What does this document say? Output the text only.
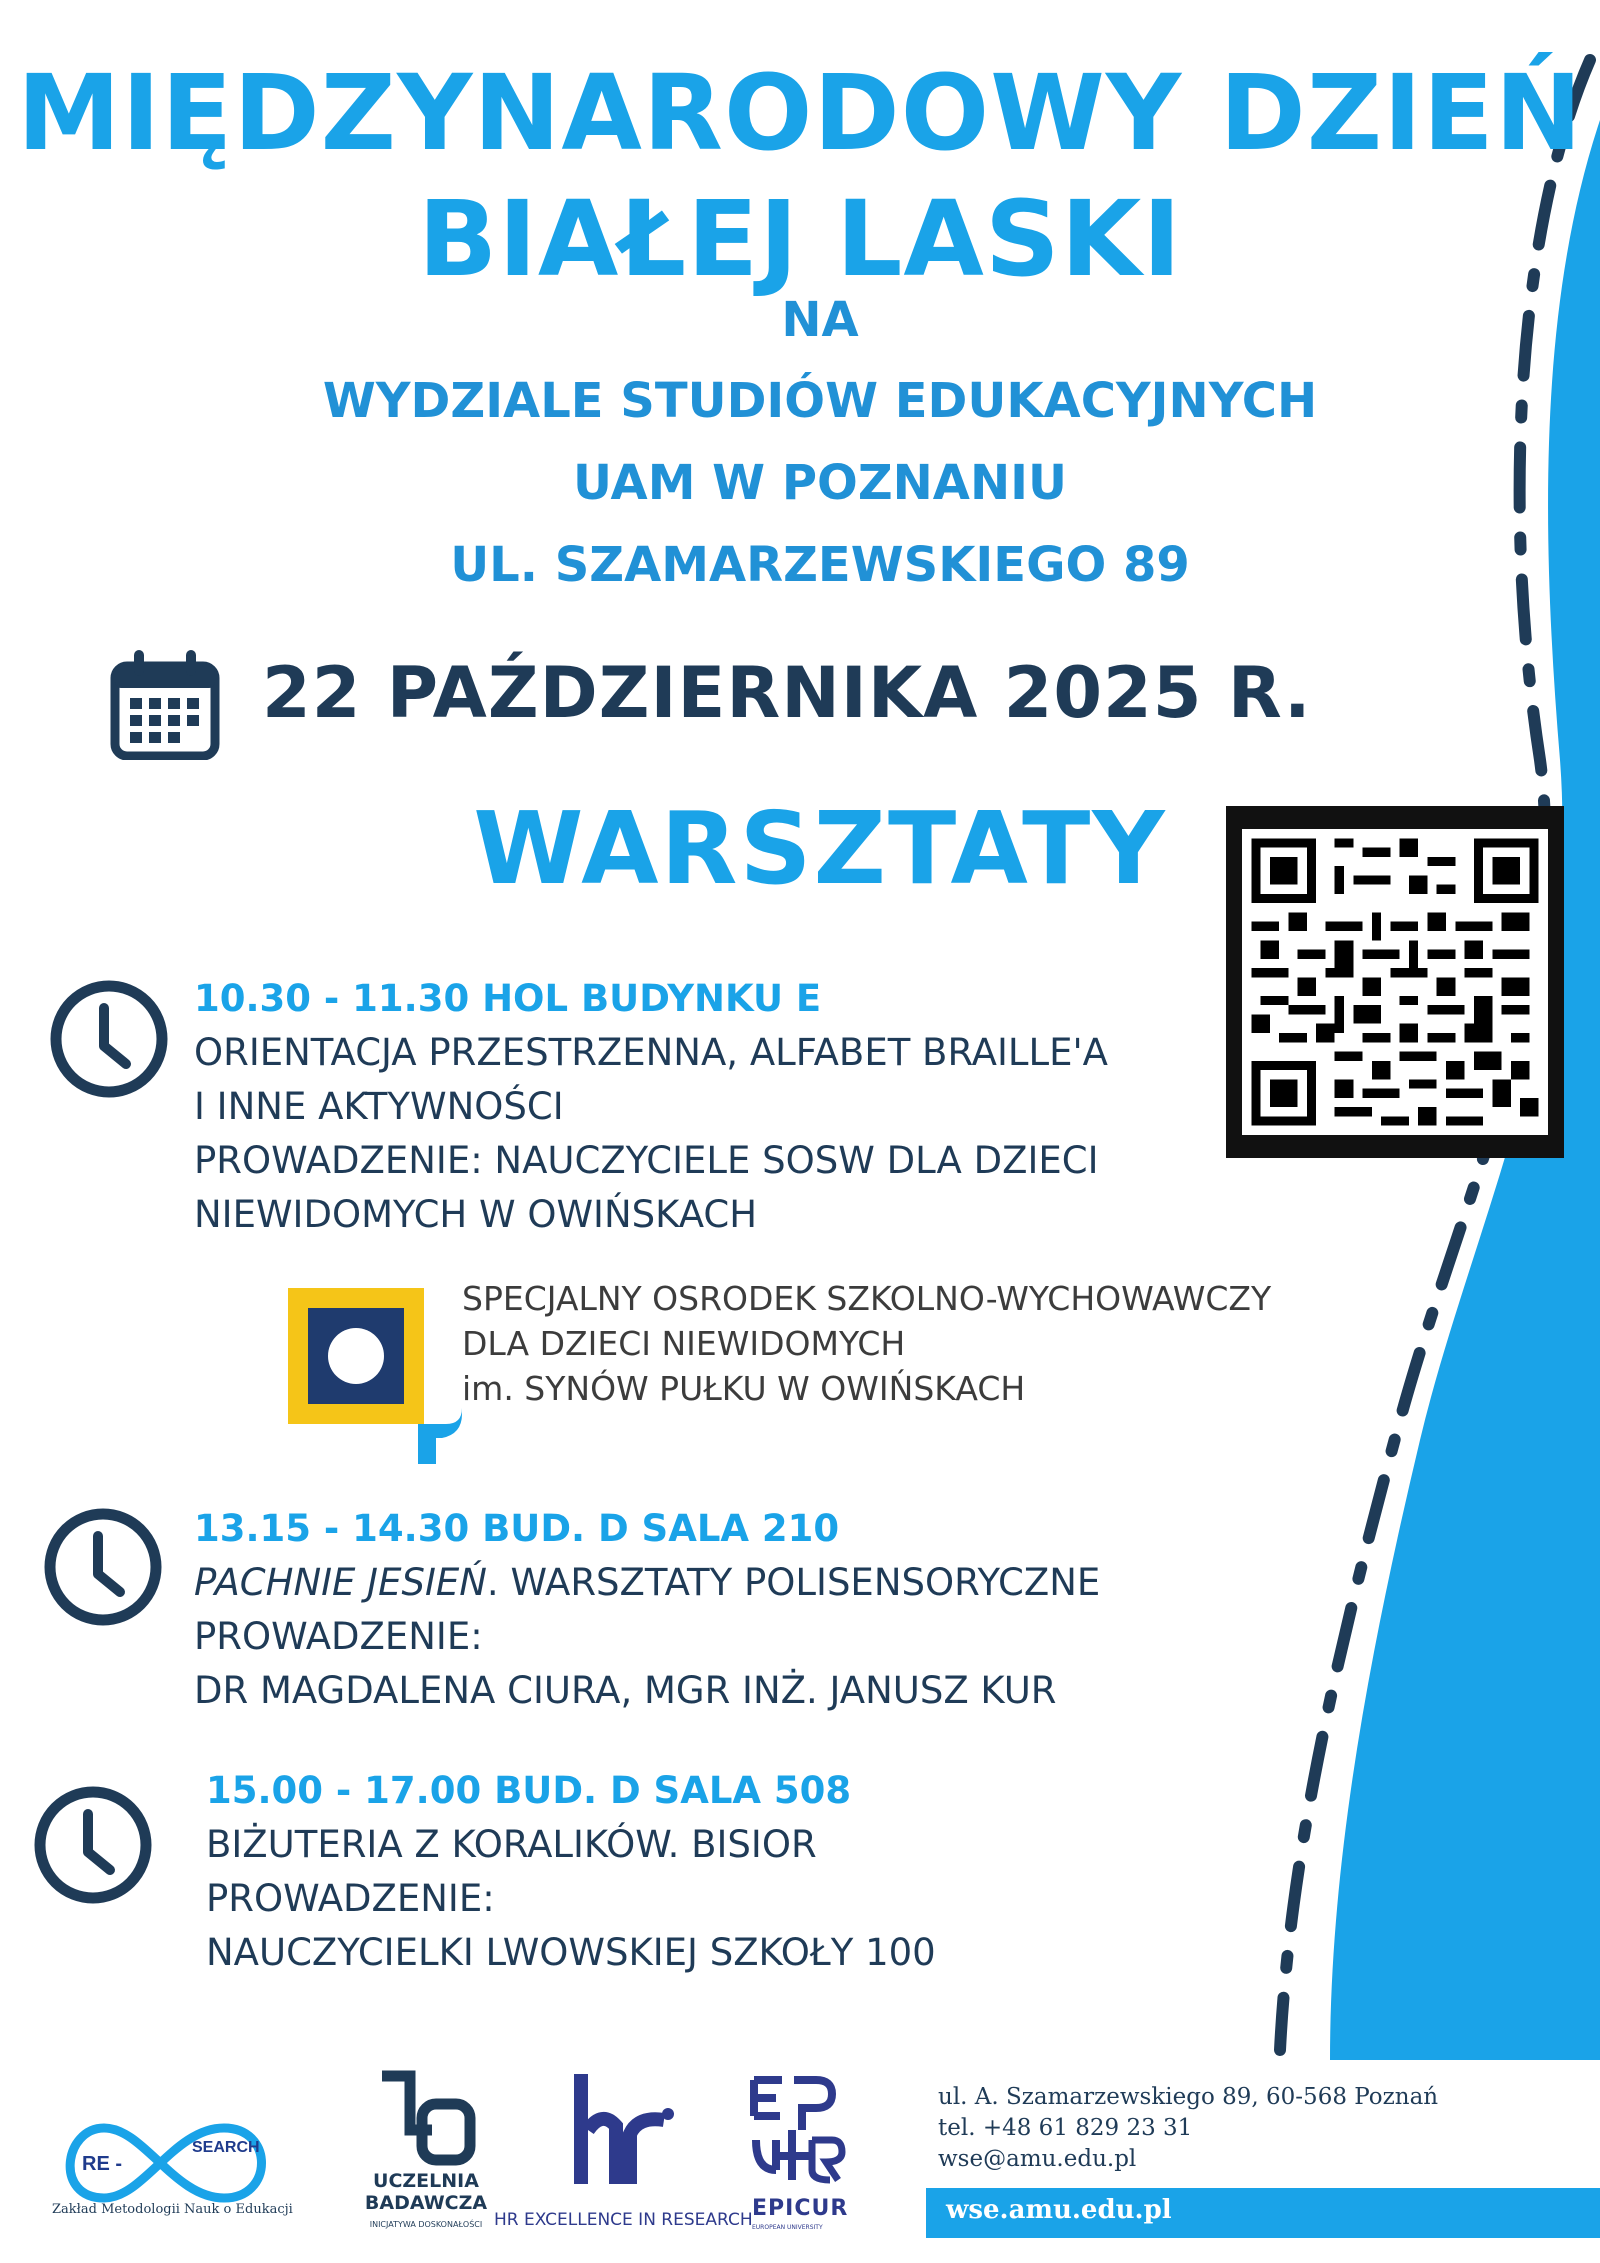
MIĘDZYNARODOWY DZIEŃ
BIAŁEJ LASKI
NA
WYDZIALE STUDIÓW EDUKACYJNYCH
UAM W POZNANIU
UL. SZAMARZEWSKIEGO 89
22 PAŹDZIERNIKA 2025 R.
WARSZTATY
10.30 - 11.30 HOL BUDYNKU E
ORIENTACJA PRZESTRZENNA, ALFABET BRAILLE'A
I INNE AKTYWNOŚCI
PROWADZENIE: NAUCZYCIELE SOSW DLA DZIECI
NIEWIDOMYCH W OWIŃSKACH
SPECJALNY OSRODEK SZKOLNO-WYCHOWAWCZY
DLA DZIECI NIEWIDOMYCH
im. SYNÓW PUŁKU W OWIŃSKACH
13.15 - 14.30 BUD. D SALA 210
PACHNIE JESIEŃ. WARSZTATY POLISENSORYCZNE
PROWADZENIE:
DR MAGDALENA CIURA, MGR INŻ. JANUSZ KUR
15.00 - 17.00 BUD. D SALA 508
BIŻUTERIA Z KORALIKÓW. BISIOR
PROWADZENIE:
NAUCZYCIELKI LWOWSKIEJ SZKOŁY 100
RE -
SEARCH
Zakład Metodologii Nauk o Edukacji
UCZELNIA
BADAWCZA
INICJATYWA DOSKONAŁOŚCI HR EXCELLENCE IN RESEARCH EPICUR
EUROPEAN UNIVERSITY
ul. A. Szamarzewskiego 89, 60-568 Poznań
tel. +48 61 829 23 31
wse@amu.edu.pl
wse.amu.edu.pl
